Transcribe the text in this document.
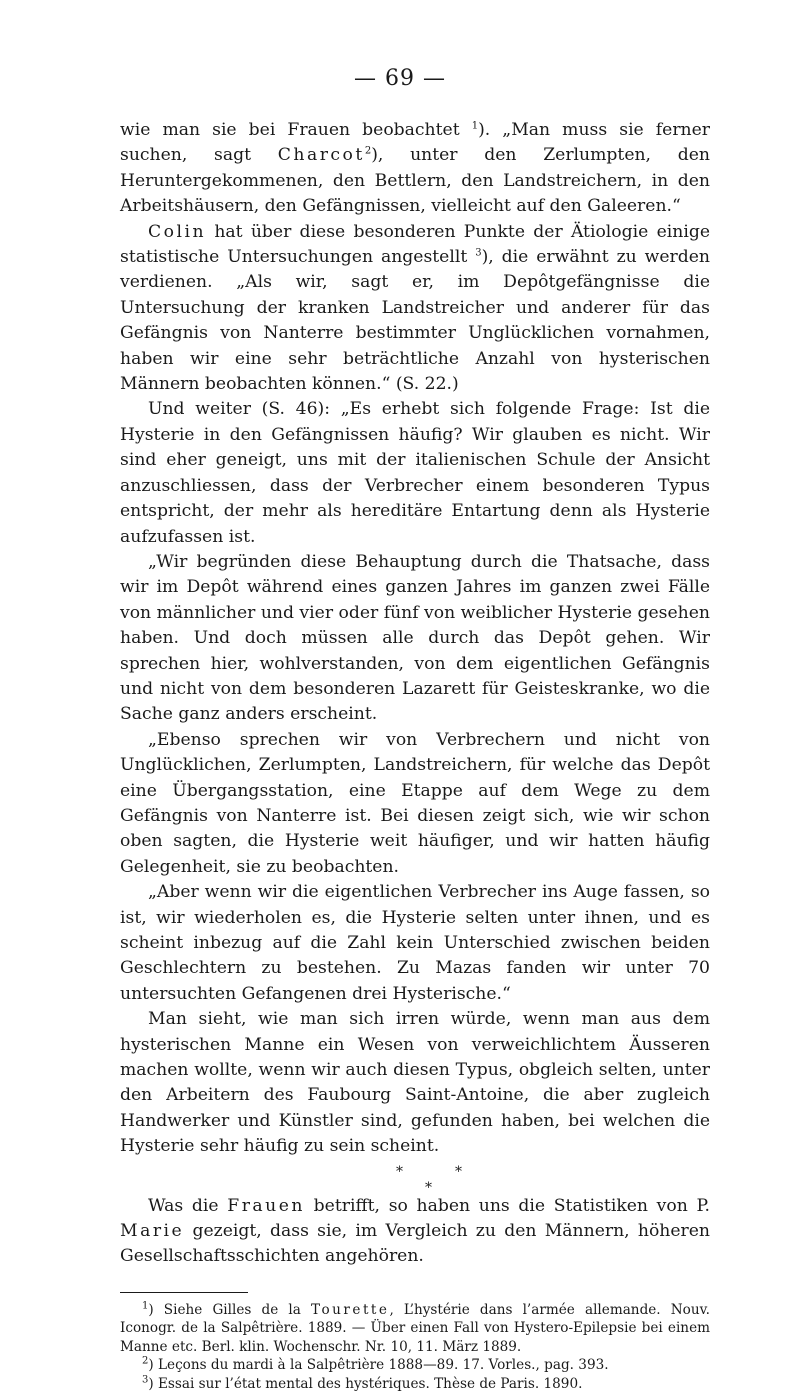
— 69 —

wie man sie bei Frauen beobachtet $^1$). „Man muss sie ferner suchen, sagt Charcot$^2$), unter den Zerlumpten, den Heruntergekommenen, den Bettlern, den Landstreichern, in den Arbeitshäusern, den Gefängnissen, vielleicht auf den Galeeren.“

Colin hat über diese besonderen Punkte der Ätiologie einige statistische Untersuchungen angestellt $^3$), die erwähnt zu werden verdienen. „Als wir, sagt er, im Depôtgefängnisse die Untersuchung der kranken Landstreicher und anderer für das Gefängnis von Nanterre bestimmter Unglücklichen vornahmen, haben wir eine sehr beträchtliche Anzahl von hysterischen Männern beobachten können.“ (S. 22.)

Und weiter (S. 46): „Es erhebt sich folgende Frage: Ist die Hysterie in den Gefängnissen häufig? Wir glauben es nicht. Wir sind eher geneigt, uns mit der italienischen Schule der Ansicht anzuschliessen, dass der Verbrecher einem besonderen Typus entspricht, der mehr als hereditäre Entartung denn als Hysterie aufzufassen ist.

„Wir begründen diese Behauptung durch die Thatsache, dass wir im Depôt während eines ganzen Jahres im ganzen zwei Fälle von männlicher und vier oder fünf von weiblicher Hysterie gesehen haben. Und doch müssen alle durch das Depôt gehen. Wir sprechen hier, wohlverstanden, von dem eigentlichen Gefängnis und nicht von dem besonderen Lazarett für Geisteskranke, wo die Sache ganz anders erscheint.

„Ebenso sprechen wir von Verbrechern und nicht von Unglücklichen, Zerlumpten, Landstreichern, für welche das Depôt eine Übergangsstation, eine Etappe auf dem Wege zu dem Gefängnis von Nanterre ist. Bei diesen zeigt sich, wie wir schon oben sagten, die Hysterie weit häufiger, und wir hatten häufig Gelegenheit, sie zu beobachten.

„Aber wenn wir die eigentlichen Verbrecher ins Auge fassen, so ist, wir wiederholen es, die Hysterie selten unter ihnen, und es scheint inbezug auf die Zahl kein Unterschied zwischen beiden Geschlechtern zu bestehen. Zu Mazas fanden wir unter 70 untersuchten Gefangenen drei Hysterische.“

Man sieht, wie man sich irren würde, wenn man aus dem hysterischen Manne ein Wesen von verweichlichtem Äusseren machen wollte, wenn wir auch diesen Typus, obgleich selten, unter den Arbeitern des Faubourg Saint-Antoine, die aber zugleich Handwerker und Künstler sind, gefunden haben, bei welchen die Hysterie sehr häufig zu sein scheint.

*	*
*

Was die Frauen betrifft, so haben uns die Statistiken von P. Marie gezeigt, dass sie, im Vergleich zu den Männern, höheren Gesellschaftsschichten angehören.

$^1$) Siehe Gilles de la Tourette, L’hystérie dans l’armée allemande. Nouv. Iconogr. de la Salpêtrière. 1889. — Über einen Fall von Hystero-Epilepsie bei einem Manne etc. Berl. klin. Wochenschr. Nr. 10, 11. März 1889.

$^2$) Leçons du mardi à la Salpêtrière 1888—89. 17. Vorles., pag. 393.

$^3$) Essai sur l’état mental des hystériques. Thèse de Paris. 1890.
